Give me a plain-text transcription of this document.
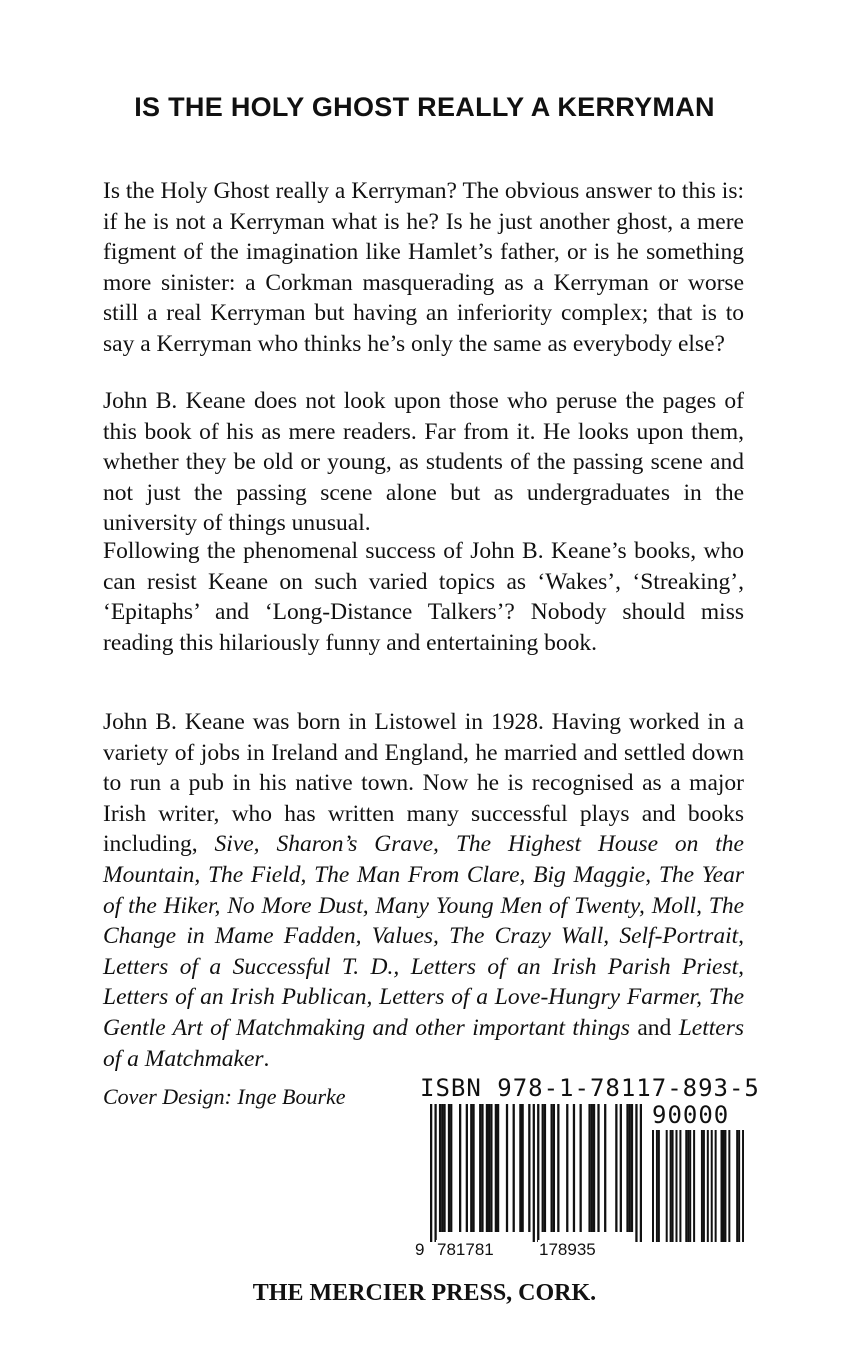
IS THE HOLY GHOST REALLY A KERRYMAN

Is the Holy Ghost really a Kerryman? The obvious answer to this is: if he is not a Kerryman what is he? Is he just another ghost, a mere figment of the imagination like Hamlet’s father, or is he something more sinister: a Corkman masquerading as a Kerryman or worse still a real Kerryman but having an inferiority complex; that is to say a Kerryman who thinks he’s only the same as everybody else?

John B. Keane does not look upon those who peruse the pages of this book of his as mere readers. Far from it. He looks upon them, whether they be old or young, as students of the passing scene and not just the passing scene alone but as undergraduates in the university of things unusual.

Following the phenomenal success of John B. Keane’s books, who can resist Keane on such varied topics as ‘Wakes’, ‘Streaking’, ‘Epitaphs’ and ‘Long-Distance Talkers’? Nobody should miss reading this hilariously funny and entertaining book.

John B. Keane was born in Listowel in 1928. Having worked in a variety of jobs in Ireland and England, he married and settled down to run a pub in his native town. Now he is recognised as a major Irish writer, who has written many successful plays and books including, Sive, Sharon’s Grave, The Highest House on the Mountain, The Field, The Man From Clare, Big Maggie, The Year of the Hiker, No More Dust, Many Young Men of Twenty, Moll, The Change in Mame Fadden, Values, The Crazy Wall, Self-Portrait, Letters of a Successful T. D., Letters of an Irish Parish Priest, Letters of an Irish Publican, Letters of a Love-Hungry Farmer, The Gentle Art of Matchmaking and other important things and Letters of a Matchmaker.

Cover Design: Inge Bourke	ISBN 978-1-78117-893-5
90000
9 781781	178935
THE MERCIER PRESS, CORK.
